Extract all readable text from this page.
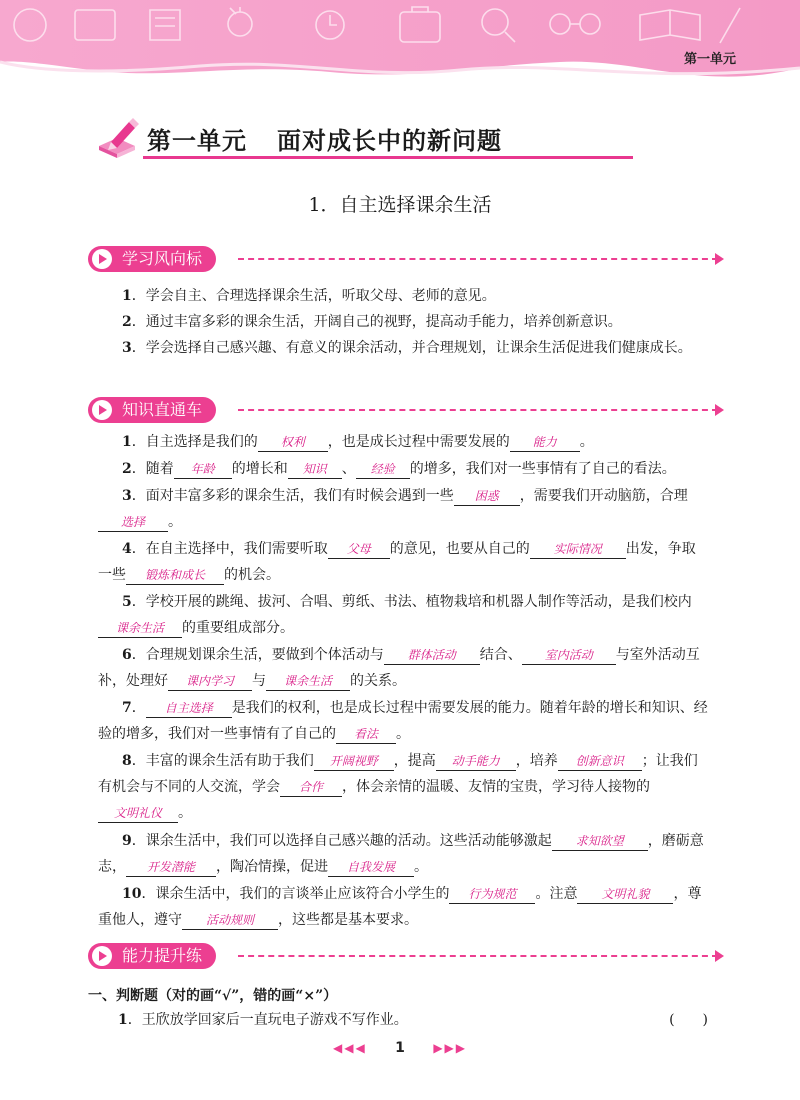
第一单元
第一单元 面对成长中的新问题
1．自主选择课余生活
学习风向标
1．学会自主、合理选择课余生活，听取父母、老师的意见。
2．通过丰富多彩的课余生活，开阔自己的视野，提高动手能力，培养创新意识。
3．学会选择自己感兴趣、有意义的课余活动，并合理规划，让课余生活促进我们健康成长。
知识直通车
1．自主选择是我们的 权利 ，也是成长过程中需要发展的 能力 。
2．随着 年龄 的增长和 知识 、 经验 的增多，我们对一些事情有了自己的看法。
3．面对丰富多彩的课余生活，我们有时候会遇到一些 困惑 ，需要我们开动脑筋，合理选择 。
4．在自主选择中，我们需要听取 父母 的意见，也要从自己的 实际情况 出发，争取一些 锻炼和成长 的机会。
5．学校开展的跳绳、拔河、合唱、剪纸、书法、植物栽培和机器人制作等活动，是我们校内课余生活 的重要组成部分。
6．合理规划课余生活，要做到个体活动与 群体活动 结合、 室内活动 与室外活动互补，处理好 课内学习 与 课余生活 的关系。
7． 自主选择 是我们的权利，也是成长过程中需要发展的能力。随着年龄的增长和知识、经验的增多，我们对一些事情有了自己的 看法 。
8．丰富的课余生活有助于我们 开阔视野 ，提高 动手能力 ，培养 创新意识 ；让我们有机会与不同的人交流，学会 合作 ，体会亲情的温暖、友情的宝贵，学习待人接物的文明礼仪 。
9．课余生活中，我们可以选择自己感兴趣的活动。这些活动能够激起 求知欲望 ，磨砺意志， 开发潜能 ，陶冶情操，促进 自我发展 。
10．课余生活中，我们的言谈举止应该符合小学生的 行为规范 。注意 文明礼貌 ，尊重他人，遵守 活动规则 ，这些都是基本要求。
能力提升练
一、判断题（对的画“√”，错的画“×”）
1．王欣放学回家后一直玩电子游戏不写作业。	(　　)
◀◀◀ 1 ▶▶▶
